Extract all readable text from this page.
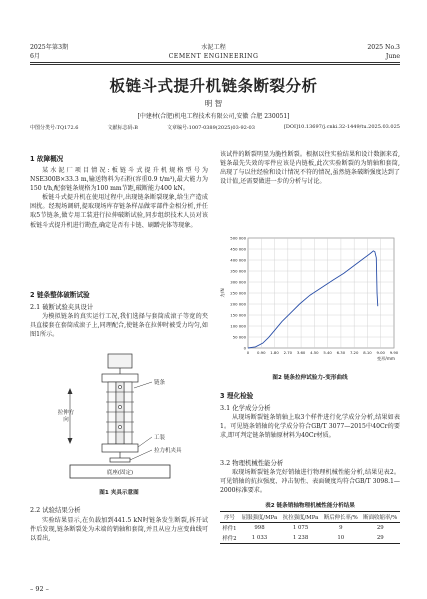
2025年第3期
6月
水泥工程
CEMENT ENGINEERING
2025 No.3
June
板链斗式提升机链条断裂分析
明 智
[中建材(合肥)机电工程技术有限公司,安徽 合肥 230051]
中图分类号:TQ172.6	文献标志码:B	文章编号:1007-0389(2025)03-92-03	[DOI]10.13697/j.cnki.32-1449/tu.2025.03.025
1 故障概况

某水泥厂项目情况:板链斗式提升机规格型号为NSE300B×33.3 m,输送物料为石粉(容重0.9 t/m³),最大能力为150 t/h,配套链条规格为100 mm节距,破断能力400 kN。

板链斗式提升机在使用过程中,出现链条断裂现象,给生产造成困扰。经现场调研,提取现场库存链条样品做零部件金相分析,并任取5节链条,做专用工装进行拉伸破断试验,同步组织技术人员对该板链斗式提升机进行勘查,确定是否有卡链、刷蹭壳体等现象。

2 链条整体破断试验
2.1 破断试验夹具设计

为模拟链条的真实运行工况,我们选择与套筒成滚子等宽的夹具直接套在套筒成滚子上,同理配合,使链条在拉伸时被受力均匀,如图1所示。

链条
工装
拉力机夹具
底座(固定)
拉伸方向
图1 夹具示意图
2.2 试验结果分析

实验结果显示,在负载加到441.5 kN时链条发生断裂,拆开试件后发现,链条断裂处为未端的销轴和套筒,并且从应力应变曲线可以看出,

该试件的断裂明显为脆性断裂。根据以往实验结果和设计数据来看,链条最先失效的零件应该是内链板,此次实验断裂的为销轴和套筒,出现了与以往经验和设计情况不符的情况,虽然链条破断强度达到了设计值,还需要做进一步的分析与讨论。

0 0.90 1.80 2.70 3.60 4.50 5.40 6.30 7.20 8.10 9.00 9.90
0
50 000
100 000
150 000
200 000
250 000
300 000
350 000
400 000
450 000
500 000
力/N
变形/mm
图2 链条拉伸试验力-变形曲线
3 理化检验
3.1 化学成分分析

从现场断裂链条销轴上取3个样件进行化学成分分析,结果如表1。可见链条销轴的化学成分符合GB/T 3077—2015中40Cr的要求,即可判定链条销轴原材料为40Cr材质。

3.2 物理机械性能分析

取现场断裂链条完好销轴进行物理机械性能分析,结果见表2。可见销轴的抗拉强度、冲击韧性、表面硬度均符合GB/T 3098.1—2000标准要求。

表2 链条销轴物理机械性能分析结果
序号	屈服强度/MPa	抗拉强度/MPa	断后伸长率/%	断面收缩率/%
样件1	998	1 075	9	29
样件2	1 033	1 238	10	29
– 92 –
